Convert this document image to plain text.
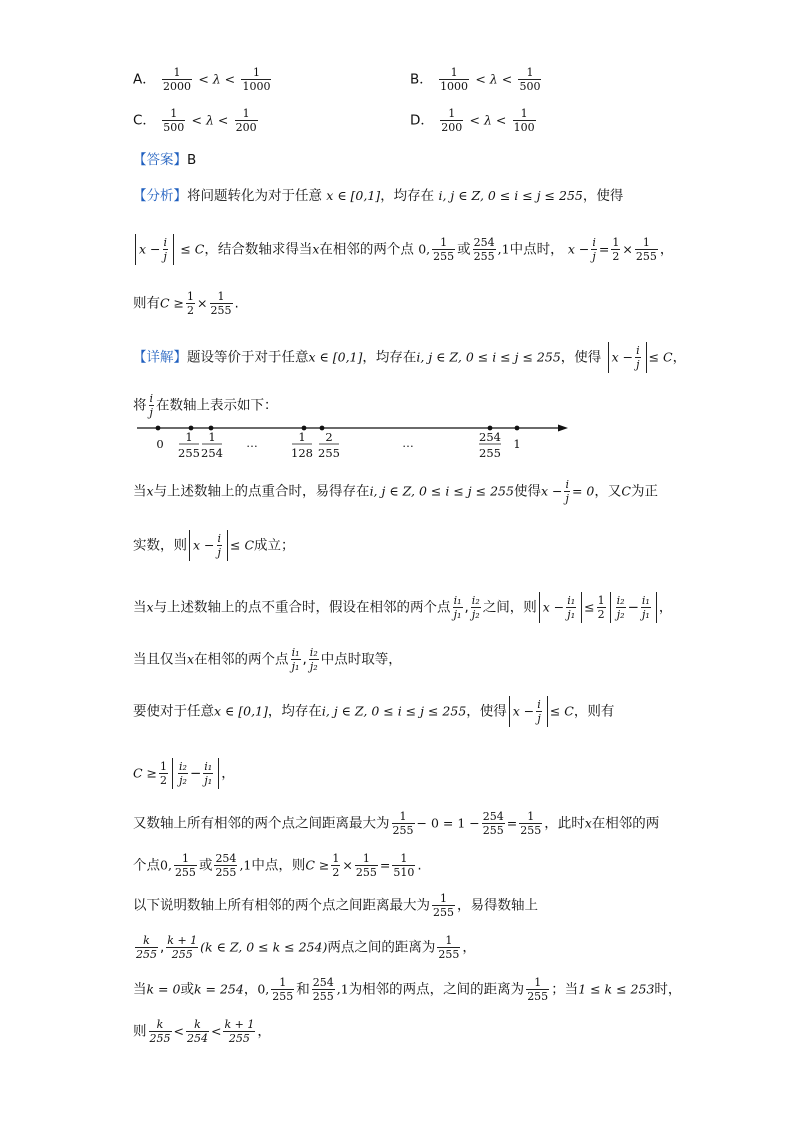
A． $\frac{1}{2000} < \lambda < \frac{1}{1000}$	B． $\frac{1}{1000} < \lambda < \frac{1}{500}$
C． $\frac{1}{500} < \lambda < \frac{1}{200}$	D． $\frac{1}{200} < \lambda < \frac{1}{100}$
【答案】B
【分析】将问题转化为对于任意 x ∈ [0,1]，均存在 i, j ∈ Z, 0 ≤ i ≤ j ≤ 255，使得
$x - \frac{i}{j} \le C$，结合数轴求得当x在相邻的两个点 0, $\frac{1}{255}$ 或 $\frac{254}{255} ,1$中点时， $x - \frac{i}{j} = \frac{1}{2} \times \frac{1}{255}$ ，
则有$C \ge \frac{1}{2} \times \frac{1}{255}$ .
【详解】题设等价于对于任意x ∈ [0,1]，均存在i, j ∈ Z, 0 ≤ i ≤ j ≤ 255，使得 $x - \frac{i}{j} \le C$，
将 $\frac{i}{j}$ 在数轴上表示如下：
0 1
255
1
254
…	1
128
2
255
…	254
255
1
当x与上述数轴上的点重合时，易得存在i, j ∈ Z, 0 ≤ i ≤ j ≤ 255使得$x - \frac{i}{j} = 0$，又C为正
实数，则 $x - \frac{i}{j} \le C$成立；
当x与上述数轴上的点不重合时，假设在相邻的两个点 $\frac{\text{i₁}}{\text{j₁}}$ , $\frac{\text{i₂}}{\text{j₂}}$ 之间，则 $x - \frac{\text{i₁}}{\text{j₁}} \le \frac{1}{2} \frac{\text{i₂}}{\text{j₂}} - \frac{\text{i₁}}{\text{j₁}}$ ，
当且仅当x在相邻的两个点 $\frac{\text{i₁}}{\text{j₁}}$ , $\frac{\text{i₂}}{\text{j₂}}$ 中点时取等，
要使对于任意x ∈ [0,1]，均存在i, j ∈ Z, 0 ≤ i ≤ j ≤ 255，使得 $x - \frac{i}{j} \le C$，则有
$C \ge \frac{1}{2} \frac{\text{i₂}}{\text{j₂}} - \frac{\text{i₁}}{\text{j₁}}$ ，
又数轴上所有相邻的两个点之间距离最大为 $\frac{1}{255} - 0 = 1 - \frac{254}{255} = \frac{1}{255}$ ，此时x在相邻的两
个点0, $\frac{1}{255}$ 或 $\frac{254}{255} ,1$中点，则$C \ge \frac{1}{2} \times \frac{1}{255} = \frac{1}{510}$ .
以下说明数轴上所有相邻的两个点之间距离最大为 $\frac{1}{255}$ ，易得数轴上
$\frac{k}{255}$ , $\frac{k + 1}{255} (k$ ∈ Z, 0 ≤ k ≤ 254)两点之间的距离为 $\frac{1}{255}$ ，
当k = 0或k = 254，0, $\frac{1}{255}$ 和 $\frac{254}{255} ,1$为相邻的两点，之间的距离为 $\frac{1}{255}$ ；当1 ≤ k ≤ 253时，
则 $\frac{k}{255} < \frac{k}{254} < \frac{k + 1}{255}$ ，
